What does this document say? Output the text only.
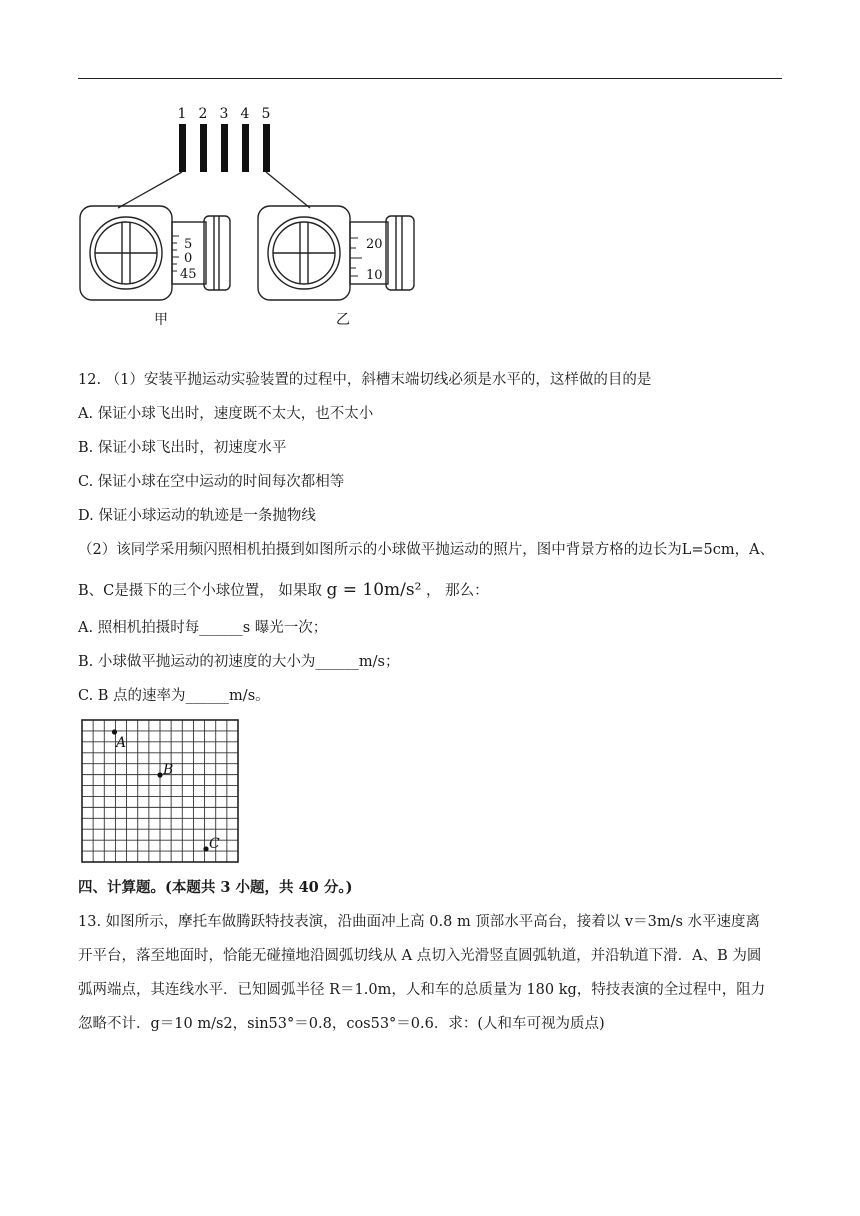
1 2 3 4 5
5
0
45
20
10
甲	乙
12. （1）安装平抛运动实验装置的过程中，斜槽末端切线必须是水平的，这样做的目的是
A. 保证小球飞出时，速度既不太大，也不太小
B. 保证小球飞出时，初速度水平
C. 保证小球在空中运动的时间每次都相等
D. 保证小球运动的轨迹是一条抛物线
（2）该同学采用频闪照相机拍摄到如图所示的小球做平抛运动的照片，图中背景方格的边长为L=5cm，A、
B、C是摄下的三个小球位置， 如果取 g = 10m/s² ， 那么：
A. 照相机拍摄时每______s 曝光一次；
B. 小球做平抛运动的初速度的大小为______m/s；
C. B 点的速率为______m/s。
A
B
C
四、计算题。(本题共 3 小题，共 40 分。)
13. 如图所示，摩托车做腾跃特技表演，沿曲面冲上高 0.8 m 顶部水平高台，接着以 v＝3m/s 水平速度离
开平台，落至地面时，恰能无碰撞地沿圆弧切线从 A 点切入光滑竖直圆弧轨道，并沿轨道下滑．A、B 为圆
弧两端点，其连线水平．已知圆弧半径 R＝1.0m，人和车的总质量为 180 kg，特技表演的全过程中，阻力
忽略不计．g＝10 m/s2，sin53°＝0.8，cos53°＝0.6．求：(人和车可视为质点)
